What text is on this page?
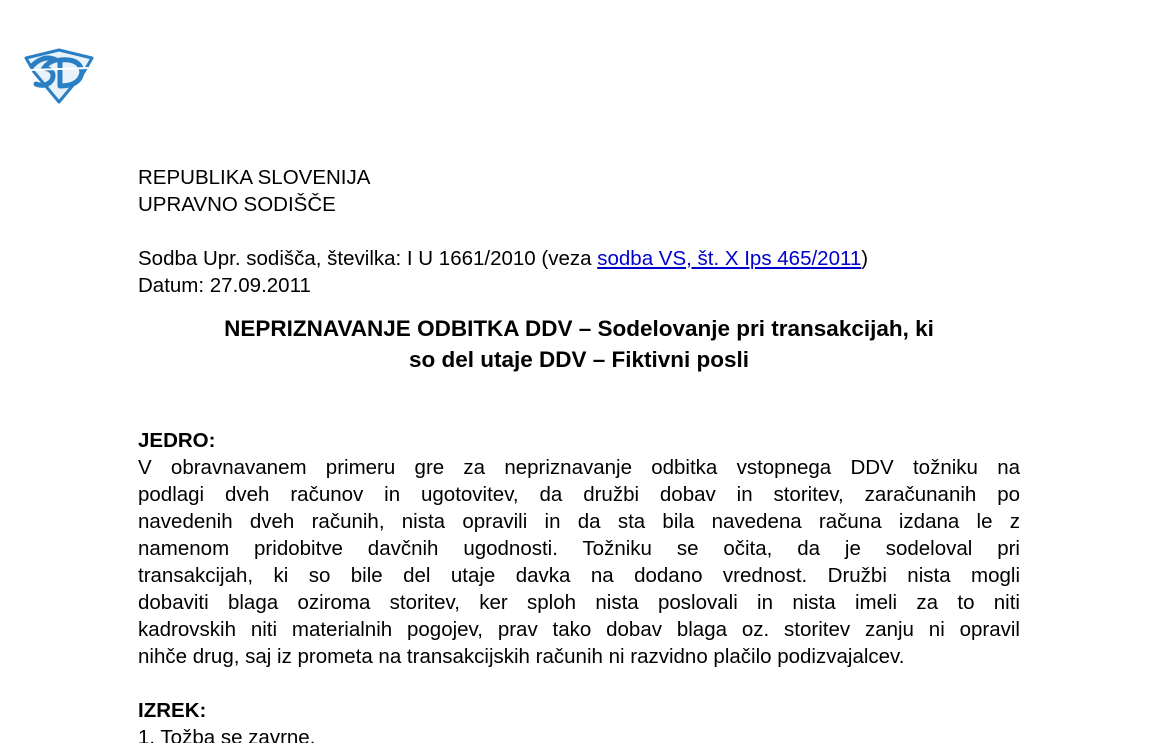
REPUBLIKA SLOVENIJA
UPRAVNO SODIŠČE
Sodba Upr. sodišča, številka: I U 1661/2010 (veza sodba VS, št. X Ips 465/2011)
Datum: 27.09.2011
NEPRIZNAVANJE ODBITKA DDV – Sodelovanje pri transakcijah, ki
so del utaje DDV – Fiktivni posli
JEDRO:
V obravnavanem primeru gre za nepriznavanje odbitka vstopnega DDV tožniku na
podlagi dveh računov in ugotovitev, da družbi dobav in storitev, zaračunanih po
navedenih dveh računih, nista opravili in da sta bila navedena računa izdana le z
namenom pridobitve davčnih ugodnosti. Tožniku se očita, da je sodeloval pri
transakcijah, ki so bile del utaje davka na dodano vrednost. Družbi nista mogli
dobaviti blaga oziroma storitev, ker sploh nista poslovali in nista imeli za to niti
kadrovskih niti materialnih pogojev, prav tako dobav blaga oz. storitev zanju ni opravil
nihče drug, saj iz prometa na transakcijskih računih ni razvidno plačilo podizvajalcev.
IZREK:
1. Tožba se zavrne.
